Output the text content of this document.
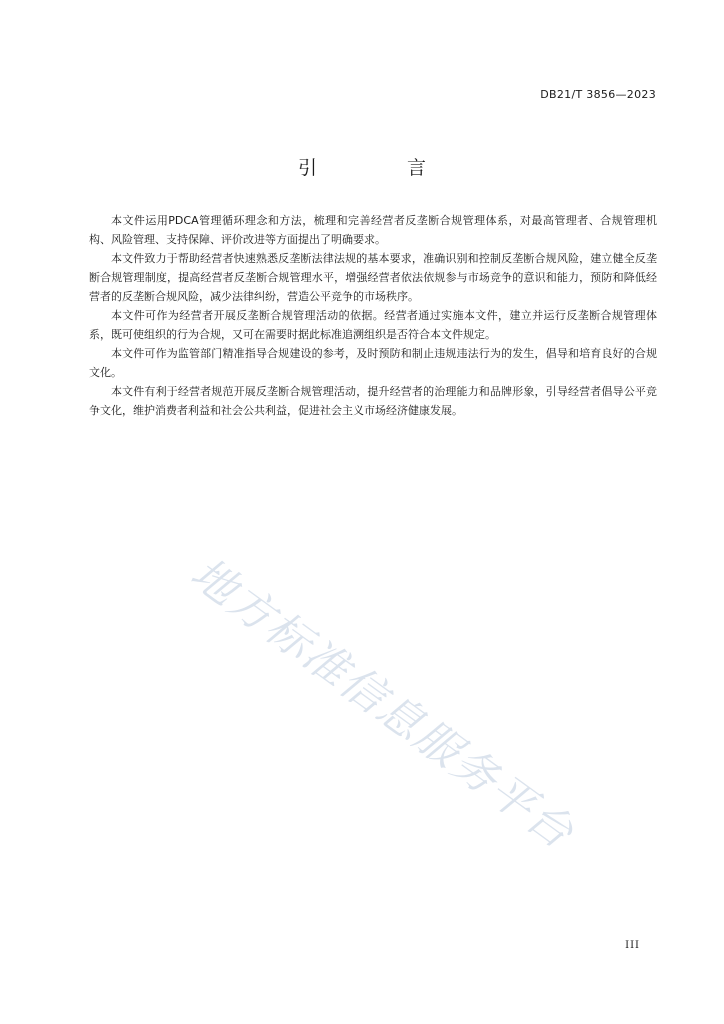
DB21/T 3856—2023
引 言

本文件运用PDCA管理循环理念和方法，梳理和完善经营者反垄断合规管理体系，对最高管理者、合规管理机构、风险管理、支持保障、评价改进等方面提出了明确要求。

本文件致力于帮助经营者快速熟悉反垄断法律法规的基本要求，准确识别和控制反垄断合规风险，建立健全反垄断合规管理制度，提高经营者反垄断合规管理水平，增强经营者依法依规参与市场竞争的意识和能力，预防和降低经营者的反垄断合规风险，减少法律纠纷，营造公平竞争的市场秩序。

本文件可作为经营者开展反垄断合规管理活动的依据。经营者通过实施本文件，建立并运行反垄断合规管理体系，既可使组织的行为合规，又可在需要时据此标准追溯组织是否符合本文件规定。

本文件可作为监管部门精准指导合规建设的参考，及时预防和制止违规违法行为的发生，倡导和培育良好的合规文化。

本文件有利于经营者规范开展反垄断合规管理活动，提升经营者的治理能力和品牌形象，引导经营者倡导公平竞争文化，维护消费者利益和社会公共利益，促进社会主义市场经济健康发展。

地方标准信息服务平台
III
